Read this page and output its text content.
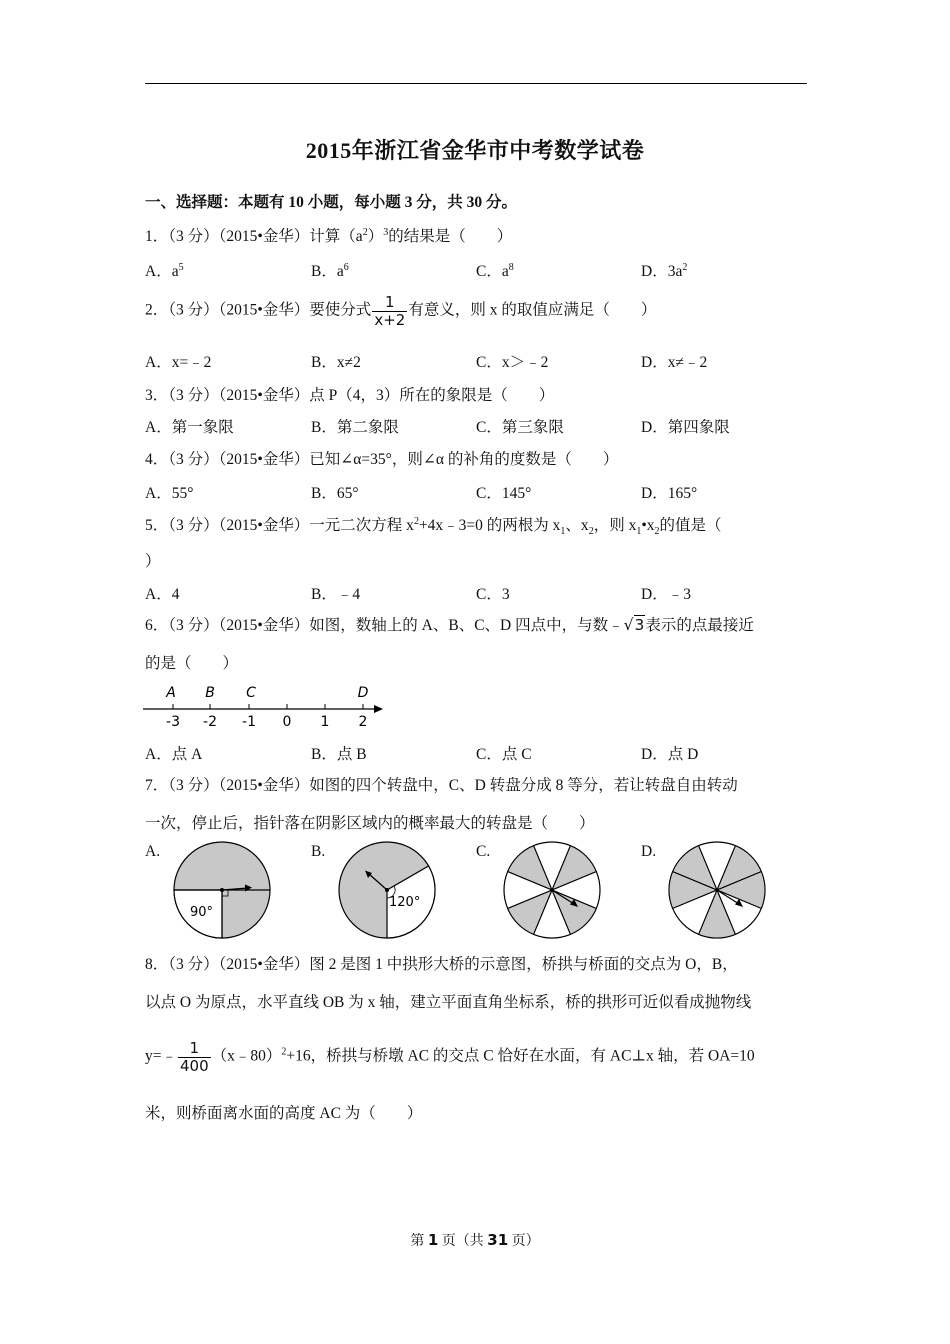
2015年浙江省金华市中考数学试卷
一、选择题：本题有 10 小题，每小题 3 分，共 30 分。
1．（3 分）（2015•金华）计算$(a^2)^3$的结果是（　　）
A．$a^5$	B．$a^6$	C．$a^8$	D．$3a^2$
2．（3 分）（2015•金华）要使分式 $\frac{1}{x+2}$ 有意义，则 x 的取值应满足（　　）
A．x=﹣2	B．x≠2	C．x＞﹣2	D．x≠﹣2
3．（3 分）（2015•金华）点 P（4，3）所在的象限是（　　）
A．第一象限	B．第二象限	C．第三象限	D．第四象限
4．（3 分）（2015•金华）已知∠α=35°，则∠α 的补角的度数是（　　）
A．55°	B．65°	C．145°	D．165°
5．（3 分）（2015•金华）一元二次方程 $x^2+4x﹣3=0$ 的两根为 $x_1$、$x_2$，则 $x_1•x_2$的值是（
）
A．4	B．﹣4	C．3	D．﹣3
6．（3 分）（2015•金华）如图，数轴上的 A、B、C、D 四点中，与数﹣√3表示的点最接近
的是（　　）
A B C	D
-3 -2 -1 0 1 2
A．点 A	B．点 B	C．点 C	D．点 D
7．（3 分）（2015•金华）如图的四个转盘中，C、D 转盘分成 8 等分，若让转盘自由转动
一次，停止后，指针落在阴影区域内的概率最大的转盘是（　　）
A.	B.	C.	D.
90°
120°
8．（3 分）（2015•金华）图 2 是图 1 中拱形大桥的示意图，桥拱与桥面的交点为 O，B，
以点 O 为原点，水平直线 OB 为 x 轴，建立平面直角坐标系，桥的拱形可近似看成抛物线
y=﹣ $\frac{1}{400}$ （x﹣80）$^2$+16，桥拱与桥墩 AC 的交点 C 恰好在水面，有 AC⊥x 轴，若 OA=10
米，则桥面离水面的高度 AC 为（　　）
第 1 页（共 31 页）
